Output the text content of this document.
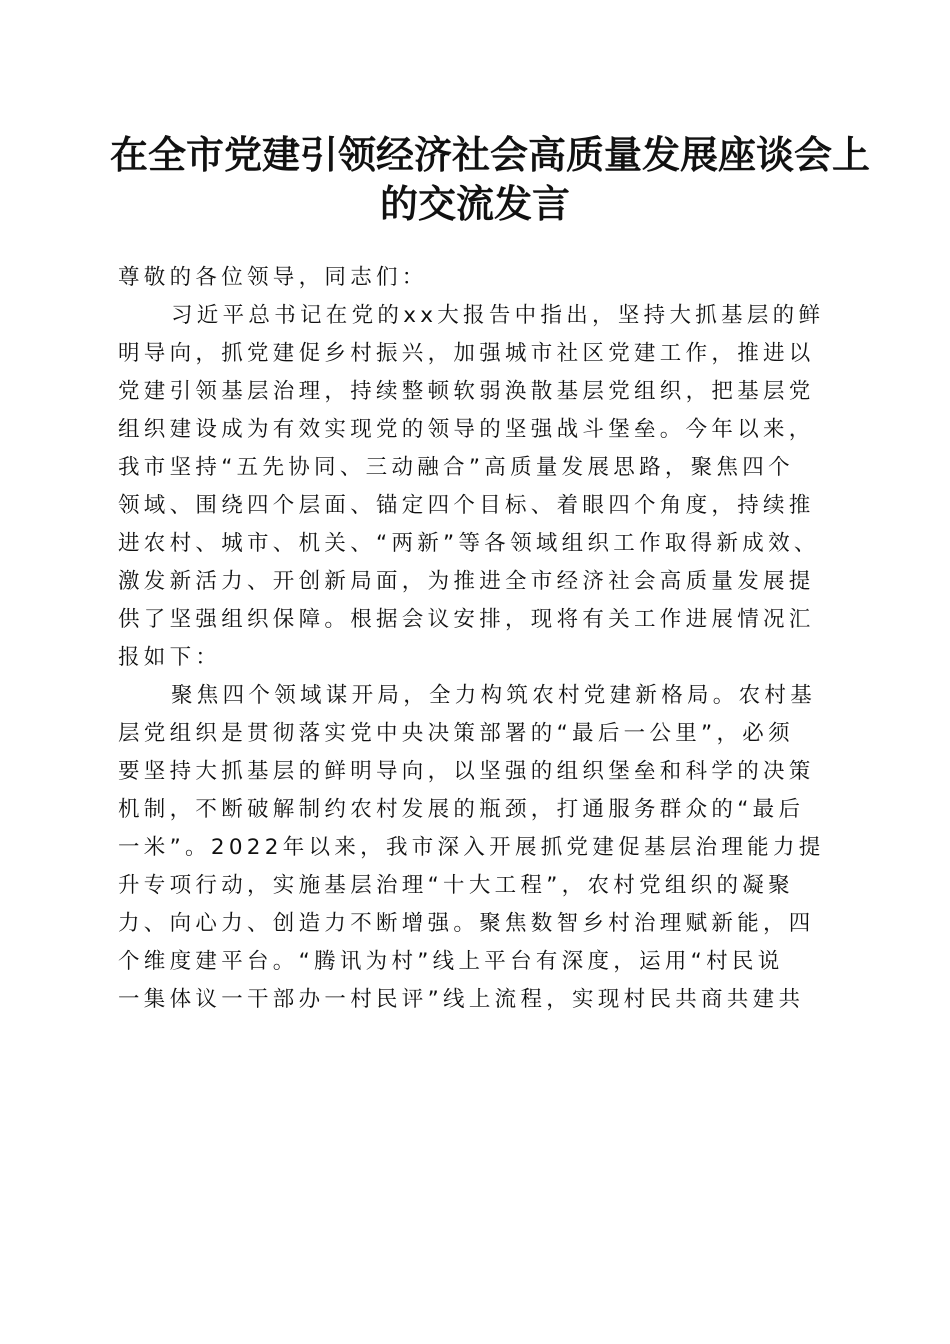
在全市党建引领经济社会高质量发展座谈会上
的交流发言
尊敬的各位领导，同志们：
习近平总书记在党的xx大报告中指出，坚持大抓基层的鲜
明导向，抓党建促乡村振兴，加强城市社区党建工作，推进以
党建引领基层治理，持续整顿软弱涣散基层党组织，把基层党
组织建设成为有效实现党的领导的坚强战斗堡垒。今年以来，
我市坚持“五先协同、三动融合”高质量发展思路，聚焦四个
领域、围绕四个层面、锚定四个目标、着眼四个角度，持续推
进农村、城市、机关、“两新”等各领域组织工作取得新成效、
激发新活力、开创新局面，为推进全市经济社会高质量发展提
供了坚强组织保障。根据会议安排，现将有关工作进展情况汇
报如下：
聚焦四个领域谋开局，全力构筑农村党建新格局。农村基
层党组织是贯彻落实党中央决策部署的“最后一公里”，必须
要坚持大抓基层的鲜明导向，以坚强的组织堡垒和科学的决策
机制，不断破解制约农村发展的瓶颈，打通服务群众的“最后
一米”。2022年以来，我市深入开展抓党建促基层治理能力提
升专项行动，实施基层治理“十大工程”，农村党组织的凝聚
力、向心力、创造力不断增强。聚焦数智乡村治理赋新能，四
个维度建平台。“腾讯为村”线上平台有深度，运用“村民说
一集体议一干部办一村民评”线上流程，实现村民共商共建共
